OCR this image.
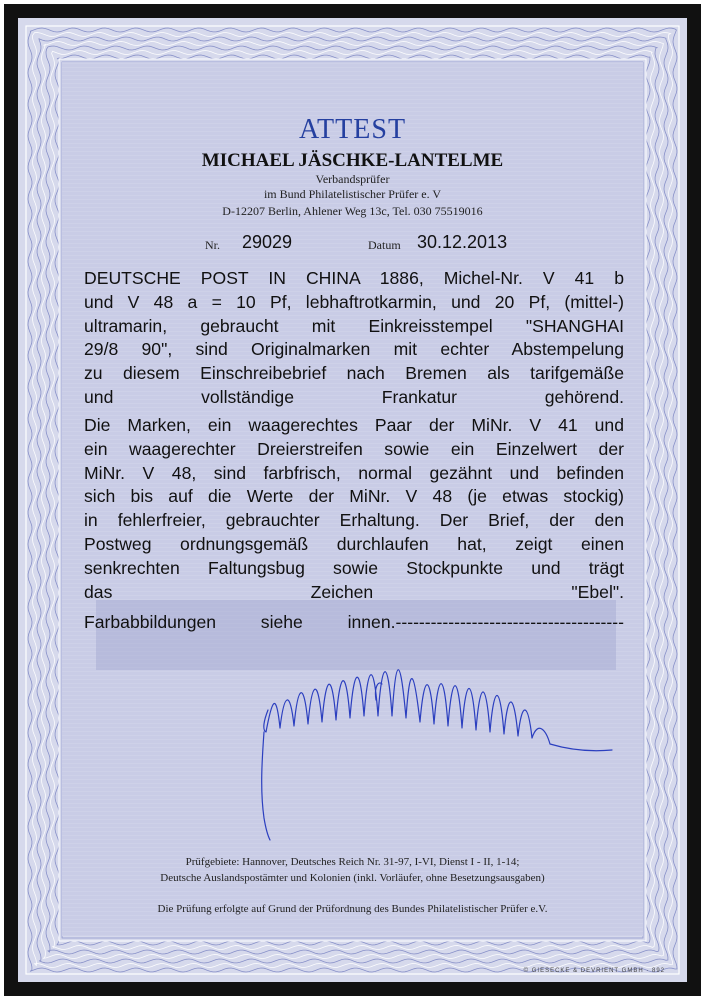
ATTEST
MICHAEL JÄSCHKE-LANTELME
Verbandsprüfer
im Bund Philatelistischer Prüfer e. V
D-12207 Berlin, Ahlener Weg 13c, Tel. 030 75519016
Nr. 29029	Datum 30.12.2013
DEUTSCHE POST IN CHINA 1886, Michel-Nr. V 41 b
und V 48 a = 10 Pf, lebhaftrotkarmin, und 20 Pf, (mittel-)
ultramarin, gebraucht mit Einkreisstempel "SHANGHAI
29/8 90", sind Originalmarken mit echter Abstempelung
zu diesem Einschreibebrief nach Bremen als tarifgemäße
und vollständige Frankatur gehörend.
Die Marken, ein waagerechtes Paar der MiNr. V 41 und
ein waagerechter Dreierstreifen sowie ein Einzelwert der
MiNr. V 48, sind farbfrisch, normal gezähnt und befinden
sich bis auf die Werte der MiNr. V 48 (je etwas stockig)
in fehlerfreier, gebrauchter Erhaltung. Der Brief, der den
Postweg ordnungsgemäß durchlaufen hat, zeigt einen
senkrechten Faltungsbug sowie Stockpunkte und trägt
das Zeichen "Ebel".
Farbabbildungen siehe innen.---------------------------------------
Prüfgebiete: Hannover, Deutsches Reich Nr. 31-97, I-VI, Dienst I - II, 1-14;
Deutsche Auslandspostämter und Kolonien (inkl. Vorläufer, ohne Besetzungsausgaben)
Die Prüfung erfolgte auf Grund der Prüfordnung des Bundes Philatelistischer Prüfer e.V.
© GIESECKE & DEVRIENT GMBH · 892
